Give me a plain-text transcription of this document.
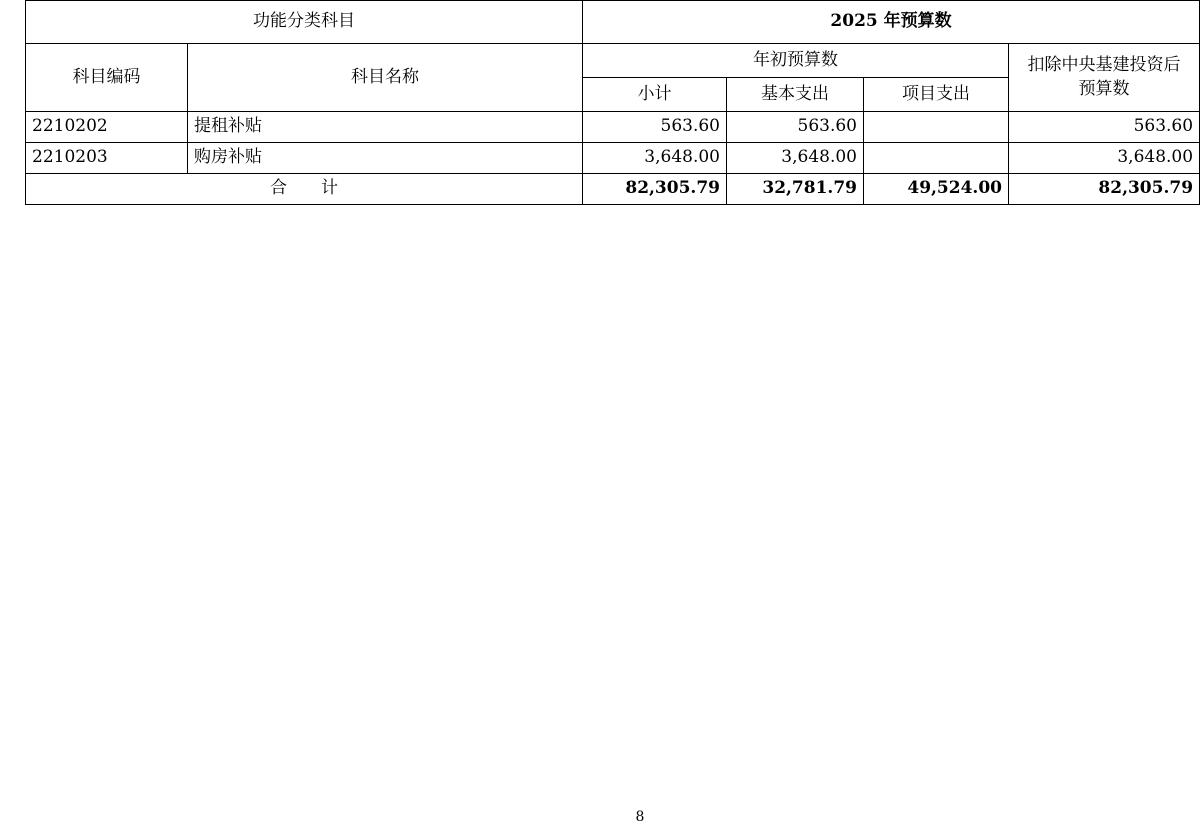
功能分类科目		2025 年预算数			
科目编码	科目名称	年初预算数			扣除中央基建投资后
预算数
		小计	基本支出	项目支出	
2210202	提租补贴	563.60	563.60		563.60
2210203	购房补贴	3,648.00	3,648.00		3,648.00
合　　计		82,305.79	32,781.79	49,524.00	82,305.79
8
